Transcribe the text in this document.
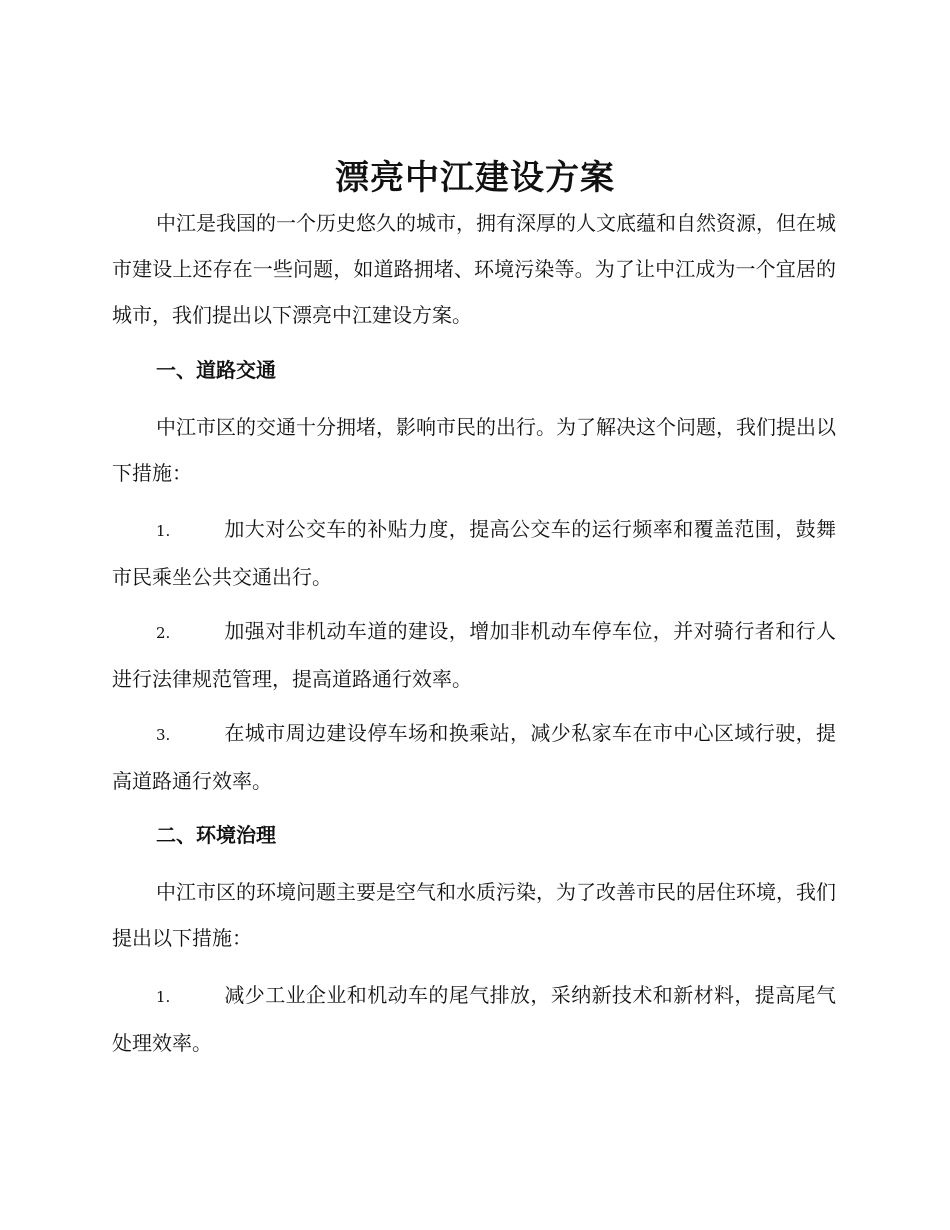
漂亮中江建设方案

中江是我国的一个历史悠久的城市，拥有深厚的人文底蕴和自然资源，但在城市建设上还存在一些问题，如道路拥堵、环境污染等。为了让中江成为一个宜居的城市，我们提出以下漂亮中江建设方案。

一、道路交通

中江市区的交通十分拥堵，影响市民的出行。为了解决这个问题，我们提出以下措施：

1.	加大对公交车的补贴力度，提高公交车的运行频率和覆盖范围，鼓舞市民乘坐公共交通出行。

2.	加强对非机动车道的建设，增加非机动车停车位，并对骑行者和行人进行法律规范管理，提高道路通行效率。

3.	在城市周边建设停车场和换乘站，减少私家车在市中心区域行驶，提高道路通行效率。

二、环境治理

中江市区的环境问题主要是空气和水质污染，为了改善市民的居住环境，我们提出以下措施：

1.	减少工业企业和机动车的尾气排放，采纳新技术和新材料，提高尾气处理效率。
